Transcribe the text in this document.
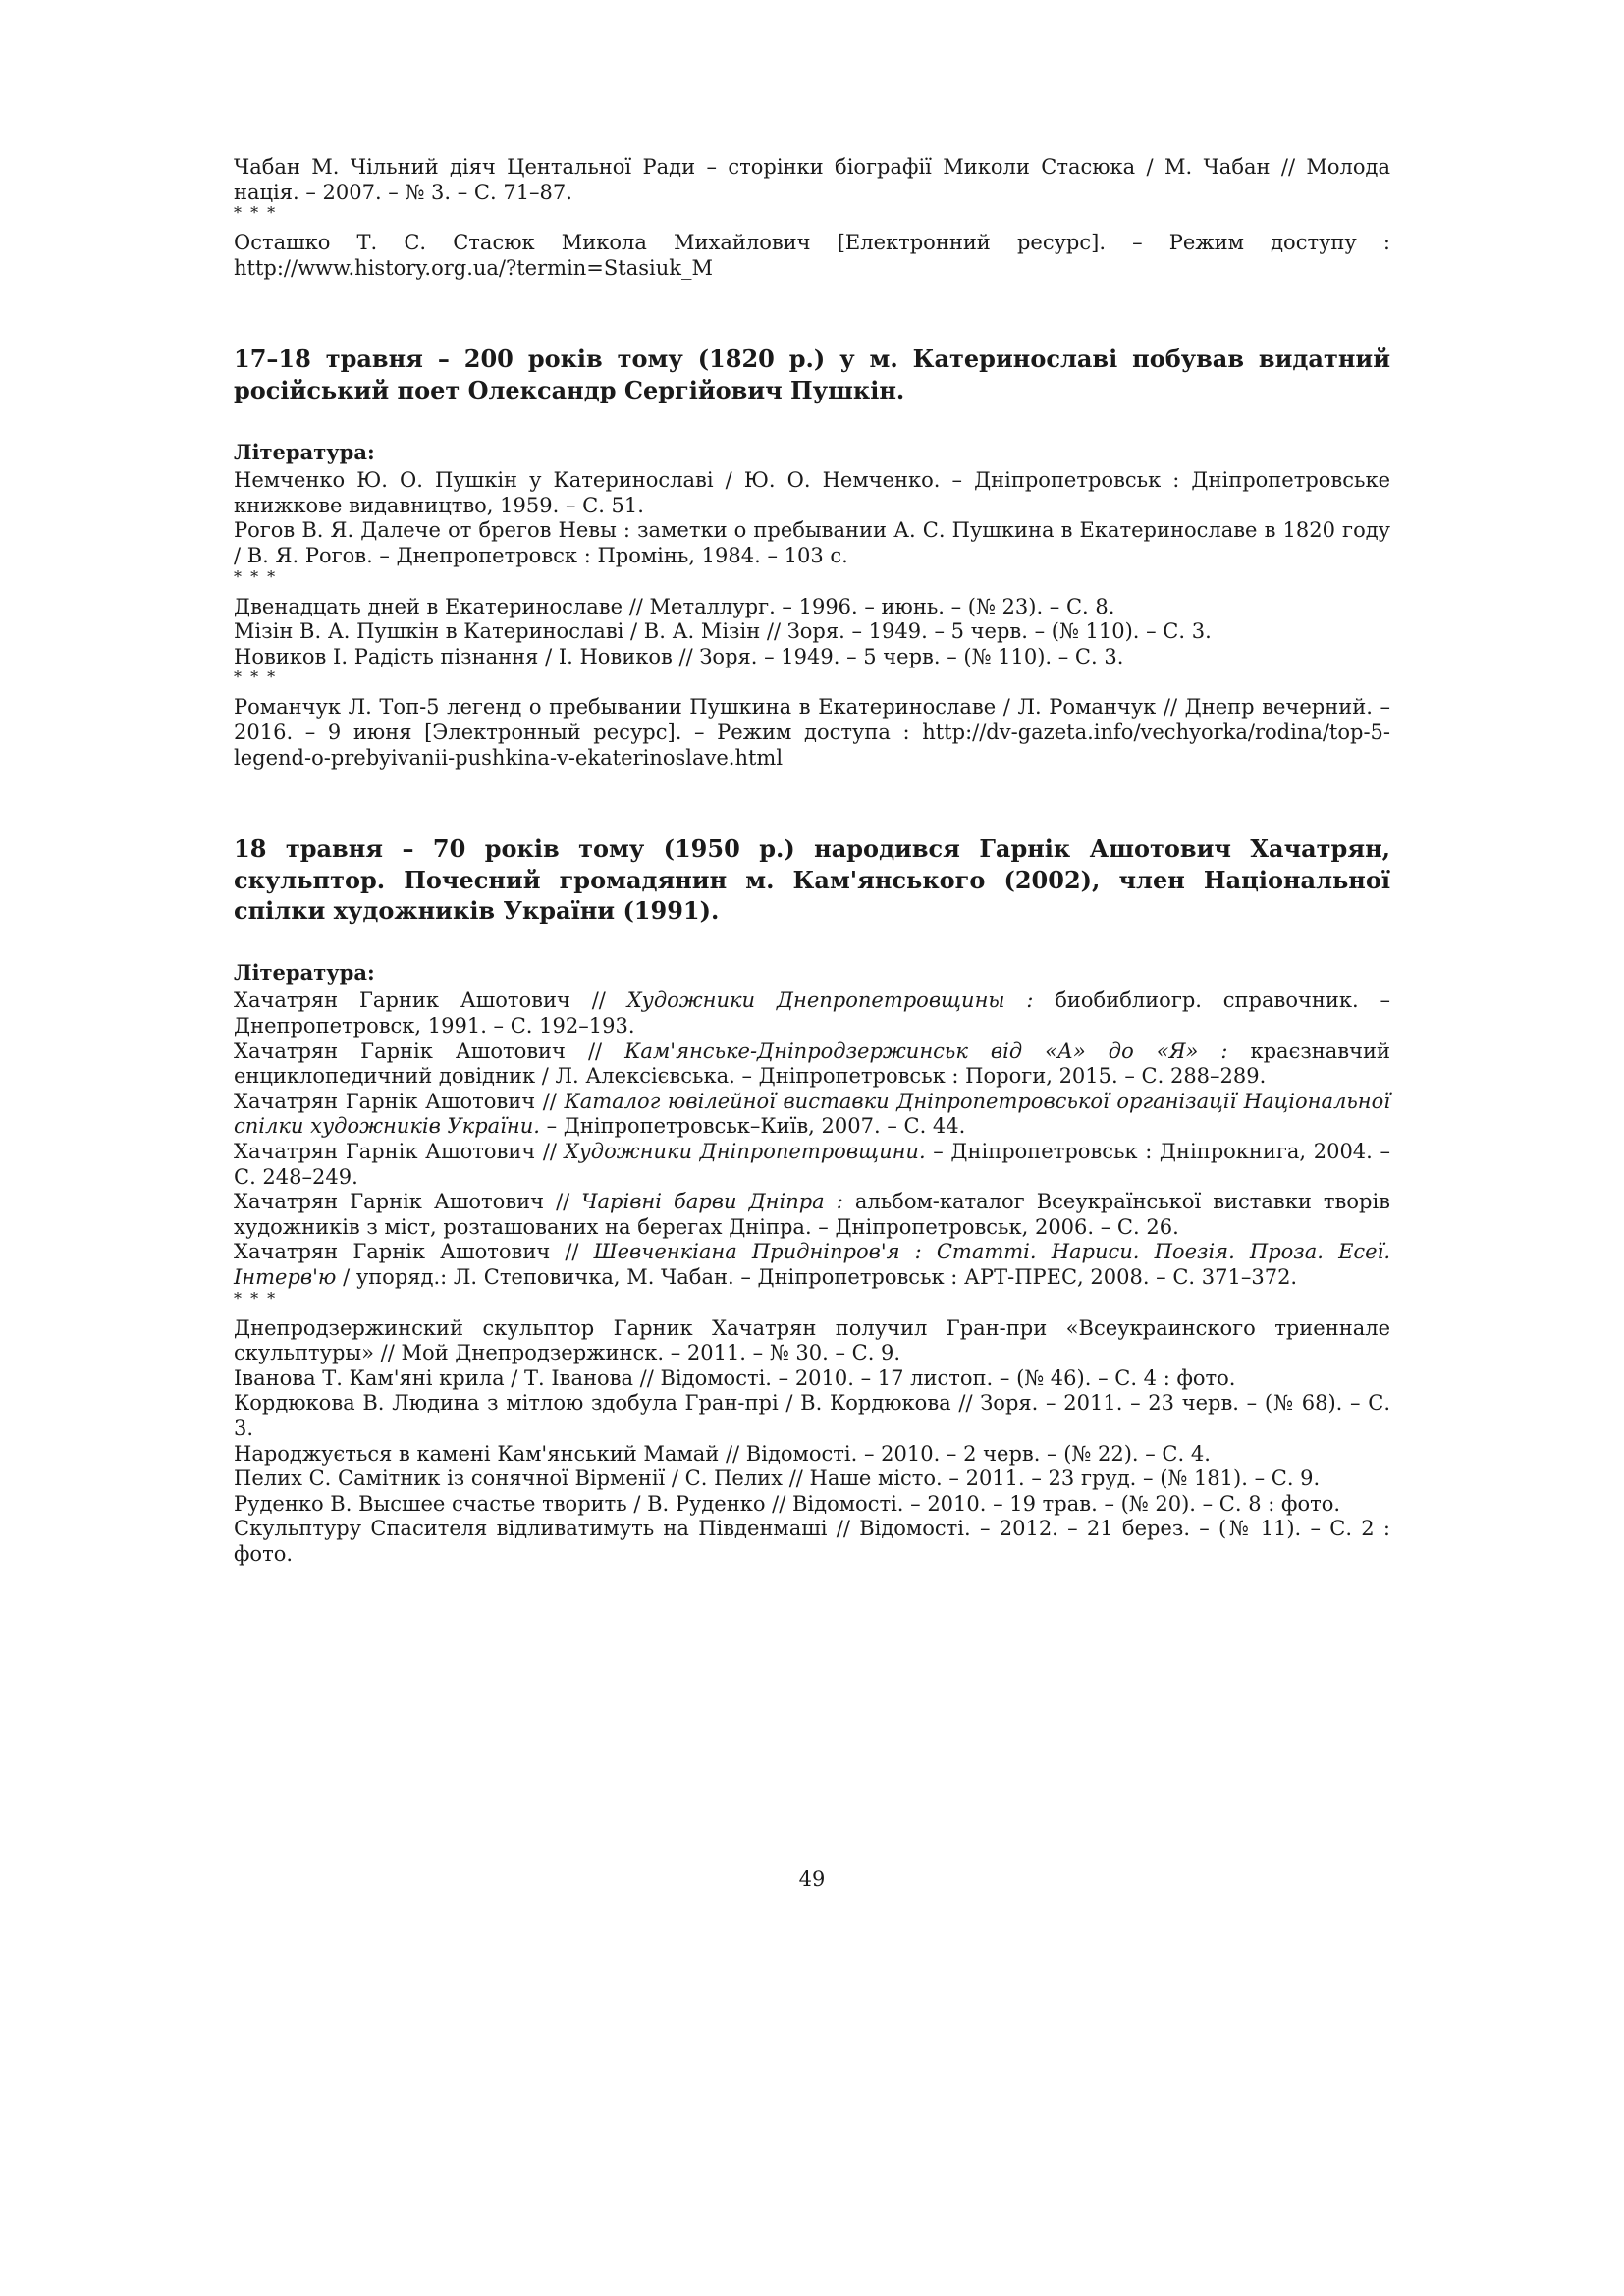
Чабан М. Чільний діяч Центальної Ради – сторінки біографії Миколи Стасюка / М. Чабан // Молода нація. – 2007. – № 3. – С. 71–87.

* * *

Осташко Т. С. Стасюк Микола Михайлович [Електронний ресурс]. – Режим доступу : http://www.history.org.ua/?termin=Stasiuk_M

17–18 травня – 200 років тому (1820 р.) у м. Катеринославі побував видатний російський поет Олександр Сергійович Пушкін.

Література:

Немченко Ю. О. Пушкін у Катеринославі / Ю. О. Немченко. – Дніпропетровськ : Дніпропетровське книжкове видавництво, 1959. – С. 51.

Рогов В. Я. Далече от брегов Невы : заметки о пребывании А. С. Пушкина в Екатеринославе в 1820 году / В. Я. Рогов. – Днепропетровск : Промінь, 1984. – 103 с.

* * *

Двенадцать дней в Екатеринославе // Металлург. – 1996. – июнь. – (№ 23). – С. 8.

Мізін В. А. Пушкін в Катеринославі / В. А. Мізін // Зоря. – 1949. – 5 черв. – (№ 110). – С. 3.

Новиков І. Радість пізнання / І. Новиков // Зоря. – 1949. – 5 черв. – (№ 110). – С. 3.

* * *

Романчук Л. Топ-5 легенд о пребывании Пушкина в Екатеринославе / Л. Романчук // Днепр вечерний. – 2016. – 9 июня [Электронный ресурс]. – Режим доступа : http://dv-gazeta.info/vechyorka/rodina/top-5-legend-o-prebyivanii-pushkina-v-ekaterinoslave.html

18 травня – 70 років тому (1950 р.) народився Гарнік Ашотович Хачатрян, скульптор. Почесний громадянин м. Кам'янського (2002), член Національної спілки художників України (1991).

Література:

Хачатрян Гарник Ашотович // Художники Днепропетровщины : биобиблиогр. справочник. – Днепропетровск, 1991. – С. 192–193.

Хачатрян Гарнік Ашотович // Кам'янське-Дніпродзержинськ від «А» до «Я» : краєзнавчий енциклопедичний довідник / Л. Алексієвська. – Дніпропетровськ : Пороги, 2015. – С. 288–289.

Хачатрян Гарнік Ашотович // Каталог ювілейної виставки Дніпропетровської організації Національної спілки художників України. – Дніпропетровськ–Київ, 2007. – С. 44.

Хачатрян Гарнік Ашотович // Художники Дніпропетровщини. – Дніпропетровськ : Дніпрокнига, 2004. – С. 248–249.

Хачатрян Гарнік Ашотович // Чарівні барви Дніпра : альбом-каталог Всеукраїнської виставки творів художників з міст, розташованих на берегах Дніпра. – Дніпропетровськ, 2006. – С. 26.

Хачатрян Гарнік Ашотович // Шевченкіана Придніпров'я : Статті. Нариси. Поезія. Проза. Есеї. Інтерв'ю / упоряд.: Л. Степовичка, М. Чабан. – Дніпропетровськ : АРТ-ПРЕС, 2008. – С. 371–372.

* * *

Днепродзержинский скульптор Гарник Хачатрян получил Гран-при «Всеукраинского триеннале скульптуры» // Мой Днепродзержинск. – 2011. – № 30. – С. 9.

Іванова Т. Кам'яні крила / Т. Іванова // Відомості. – 2010. – 17 листоп. – (№ 46). – С. 4 : фото.

Кордюкова В. Людина з мітлою здобула Гран-прі / В. Кордюкова // Зоря. – 2011. – 23 черв. – (№ 68). – С. 3.

Народжується в камені Кам'янський Мамай // Відомості. – 2010. – 2 черв. – (№ 22). – С. 4.

Пелих С. Самітник із сонячної Вірменії / С. Пелих // Наше місто. – 2011. – 23 груд. – (№ 181). – С. 9.

Руденко В. Высшее счастье творить / В. Руденко // Відомості. – 2010. – 19 трав. – (№ 20). – С. 8 : фото.

Скульптуру Спасителя відливатимуть на Південмаші // Відомості. – 2012. – 21 берез. – (№ 11). – С. 2 : фото.

49
